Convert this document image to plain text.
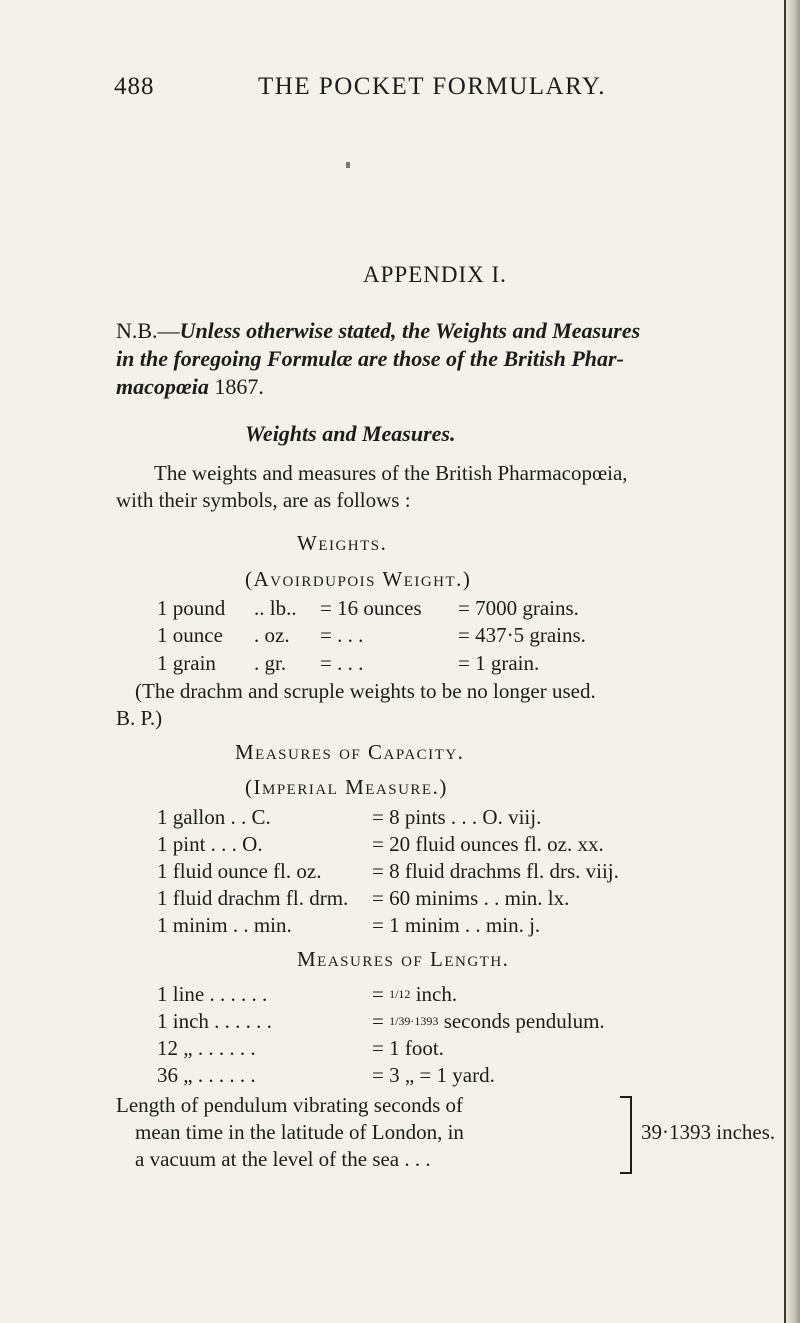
488	THE POCKET FORMULARY.
APPENDIX I.
N.B.—Unless otherwise stated, the Weights and Measures
in the foregoing Formulæ are those of the British Phar-
macopœia 1867.
Weights and Measures.
The weights and measures of the British Pharmacopœia,
with their symbols, are as follows :
Weights.
(Avoirdupois Weight.)
1 pound .. lb.. = 16 ounces = 7000 grains.
1 ounce . oz. = . . .	= 437·5 grains.
1 grain . gr. = . . .	= 1 grain.
(The drachm and scruple weights to be no longer used.
B. P.)
Measures of Capacity.
(Imperial Measure.)
1 gallon . . C.	= 8 pints . . . O. viij.
1 pint . . . O.	= 20 fluid ounces fl. oz. xx.
1 fluid ounce fl. oz. = 8 fluid drachms fl. drs. viij.
1 fluid drachm fl. drm. = 60 minims . . min. lx.
1 minim . . min.	= 1 minim . . min. j.
Measures of Length.
1 line . . . . . .	= 1/12 inch.
1 inch . . . . . .	= 1/39·1393 seconds pendulum.
12 „ . . . . . .	= 1 foot.
36 „ . . . . . .	= 3 „ = 1 yard.
Length of pendulum vibrating seconds of
mean time in the latitude of London, in
a vacuum at the level of the sea . . .
39·1393 inches.
